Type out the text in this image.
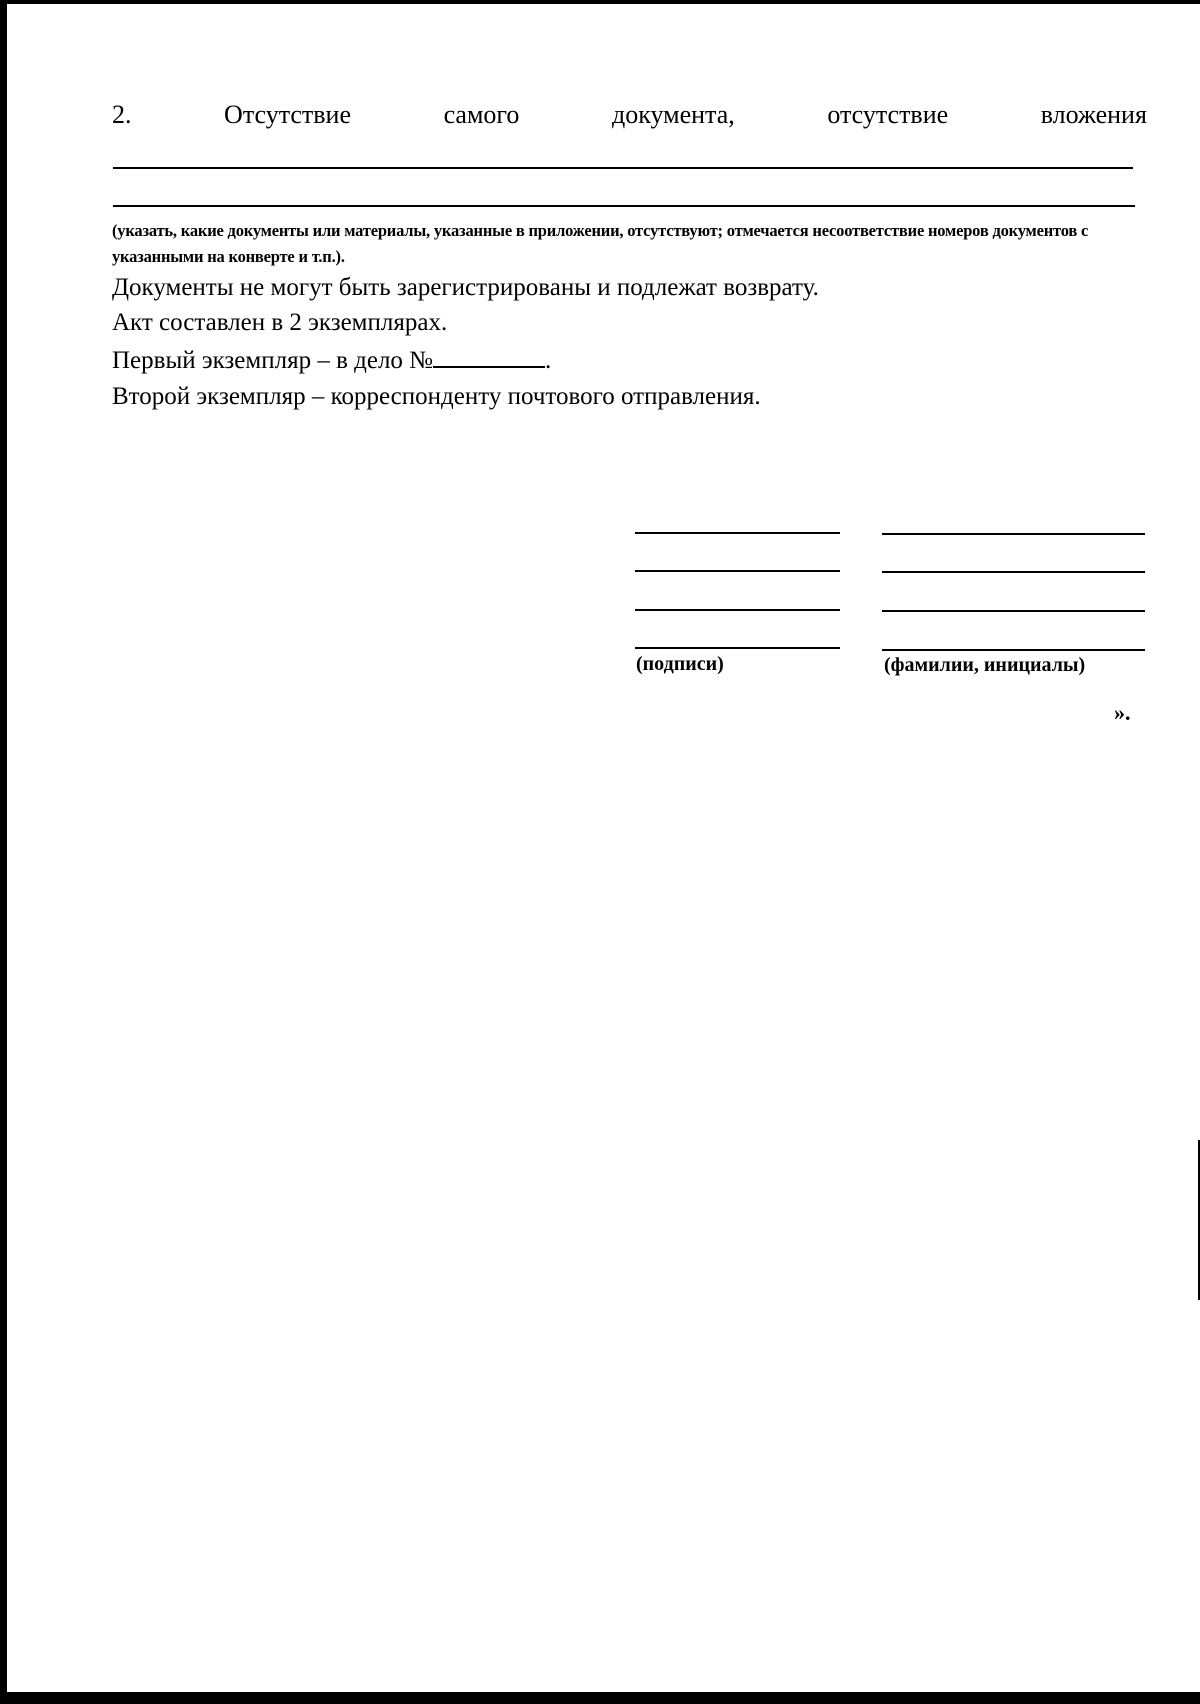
2.	Отсутствие	самого	документа,	отсутствие	вложения
(указать, какие документы или материалы, указанные в приложении, отсутствуют; отмечается несоответствие номеров документов с указанными на конверте и т.п.).
Документы не могут быть зарегистрированы и подлежат возврату.
Акт составлен в 2 экземплярах.
Первый экземпляр – в дело №	.
Второй экземпляр – корреспонденту почтового отправления.
(подписи)	(фамилии, инициалы)
».
